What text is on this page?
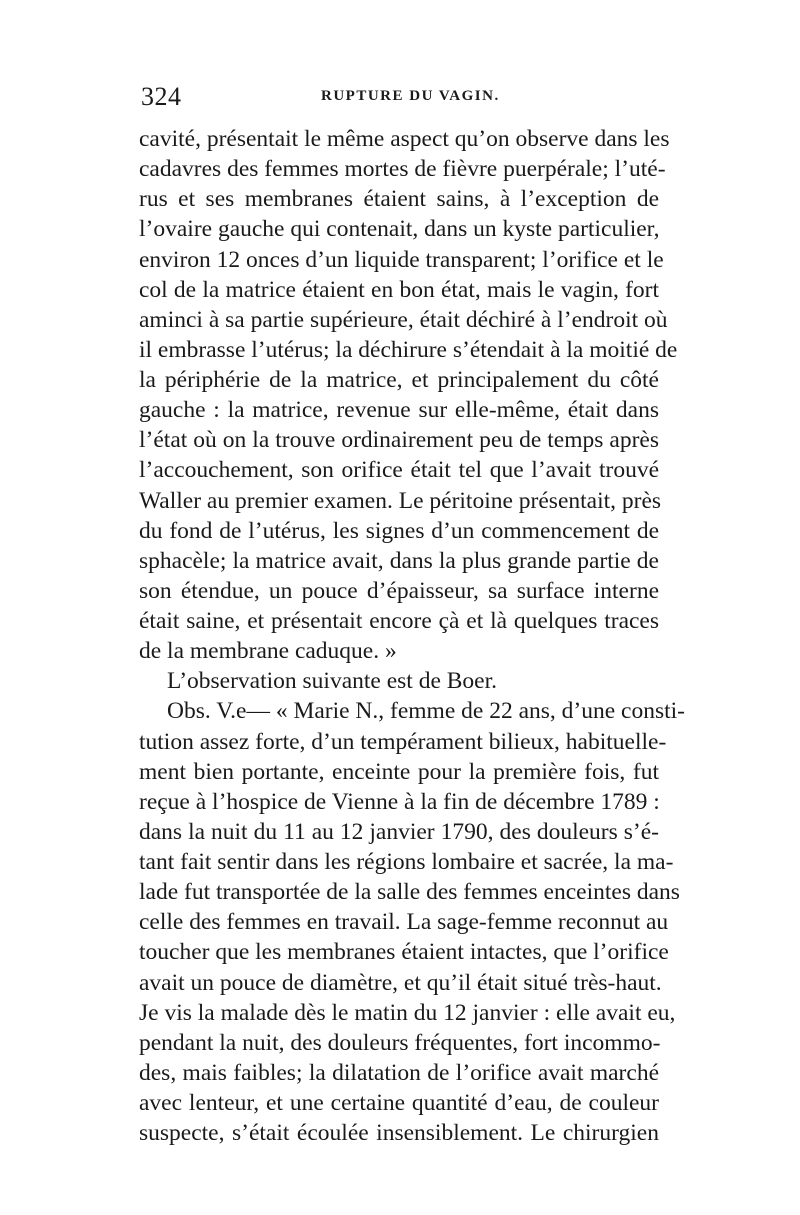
324	RUPTURE DU VAGIN.
cavité, présentait le même aspect qu’on observe dans les
cadavres des femmes mortes de fièvre puerpérale; l’uté-
rus et ses membranes étaient sains, à l’exception de
l’ovaire gauche qui contenait, dans un kyste particulier,
environ 12 onces d’un liquide transparent; l’orifice et le
col de la matrice étaient en bon état, mais le vagin, fort
aminci à sa partie supérieure, était déchiré à l’endroit où
il embrasse l’utérus; la déchirure s’étendait à la moitié de
la périphérie de la matrice, et principalement du côté
gauche : la matrice, revenue sur elle-même, était dans
l’état où on la trouve ordinairement peu de temps après
l’accouchement, son orifice était tel que l’avait trouvé
Waller au premier examen. Le péritoine présentait, près
du fond de l’utérus, les signes d’un commencement de
sphacèle; la matrice avait, dans la plus grande partie de
son étendue, un pouce d’épaisseur, sa surface interne
était saine, et présentait encore çà et là quelques traces
de la membrane caduque. »
L’observation suivante est de Boer.
Obs. V.e— « Marie N., femme de 22 ans, d’une consti-
tution assez forte, d’un tempérament bilieux, habituelle-
ment bien portante, enceinte pour la première fois, fut
reçue à l’hospice de Vienne à la fin de décembre 1789 :
dans la nuit du 11 au 12 janvier 1790, des douleurs s’é-
tant fait sentir dans les régions lombaire et sacrée, la ma-
lade fut transportée de la salle des femmes enceintes dans
celle des femmes en travail. La sage-femme reconnut au
toucher que les membranes étaient intactes, que l’orifice
avait un pouce de diamètre, et qu’il était situé très-haut.
Je vis la malade dès le matin du 12 janvier : elle avait eu,
pendant la nuit, des douleurs fréquentes, fort incommo-
des, mais faibles; la dilatation de l’orifice avait marché
avec lenteur, et une certaine quantité d’eau, de couleur
suspecte, s’était écoulée insensiblement. Le chirurgien
